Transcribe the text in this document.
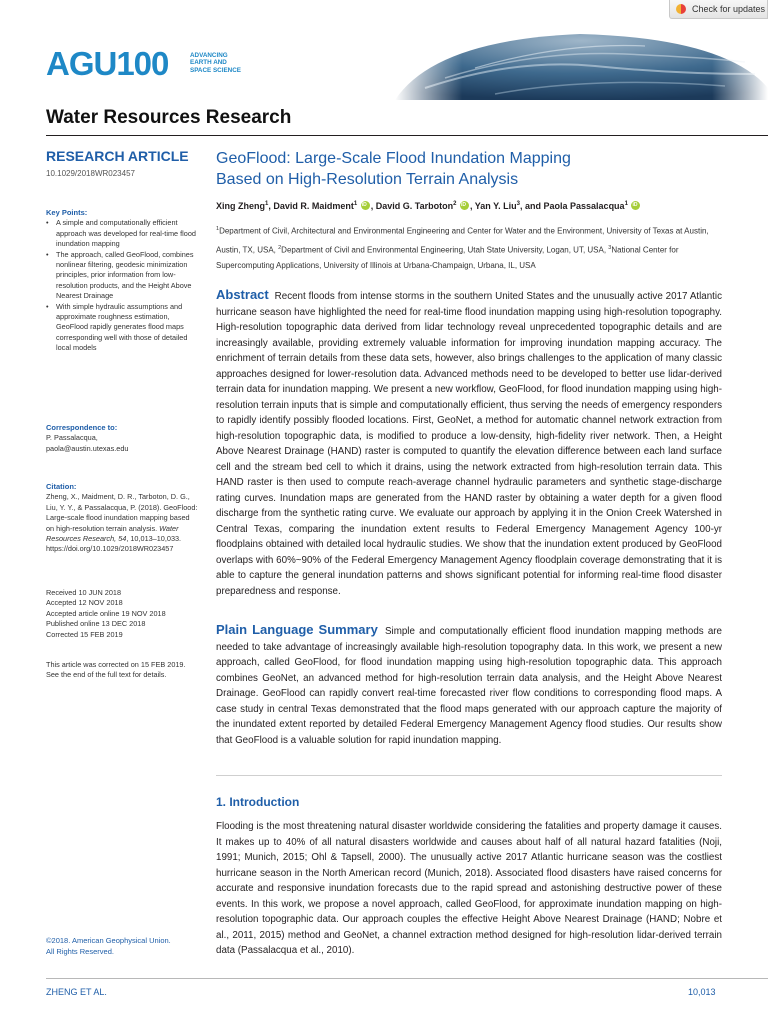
Check for updates
AGU100	ADVANCING
EARTH AND
SPACE SCIENCE
Water Resources Research
RESEARCH ARTICLE
10.1029/2018WR023457
Key Points:
• A simple and computationally efficient approach was developed for real-time flood inundation mapping
• The approach, called GeoFlood, combines nonlinear filtering, geodesic minimization principles, prior information from low-resolution products, and the Height Above Nearest Drainage
• With simple hydraulic assumptions and approximate roughness estimation, GeoFlood rapidly generates flood maps corresponding well with those of detailed local models
Correspondence to:
P. Passalacqua,
paola@austin.utexas.edu
Citation:

Zheng, X., Maidment, D. R., Tarboton, D. G., Liu, Y. Y., & Passalacqua, P. (2018). GeoFlood: Large-scale flood inundation mapping based on high-resolution terrain analysis. Water Resources Research, 54, 10,013–10,033. https://doi.org/10.1029/2018WR023457

Received 10 JUN 2018
Accepted 12 NOV 2018
Accepted article online 19 NOV 2018
Published online 13 DEC 2018
Corrected 15 FEB 2019
This article was corrected on 15 FEB 2019. See the end of the full text for details.
©2018. American Geophysical Union.
All Rights Reserved.
GeoFlood: Large-Scale Flood Inundation Mapping
Based on High-Resolution Terrain Analysis
Xing Zheng$^1$, David R. Maidment$^1$ iD , David G. Tarboton$^2$ iD , Yan Y. Liu$^3$, and Paola Passalacqua$^1$ iD
$^1$Department of Civil, Architectural and Environmental Engineering and Center for Water and the Environment, University of Texas at Austin, Austin, TX, USA, $^2$Department of Civil and Environmental Engineering, Utah State University, Logan, UT, USA, $^3$National Center for Supercomputing Applications, University of Illinois at Urbana-Champaign, Urbana, IL, USA
Abstract Recent floods from intense storms in the southern United States and the unusually active 2017 Atlantic hurricane season have highlighted the need for real-time flood inundation mapping using high-resolution topography. High-resolution topographic data derived from lidar technology reveal unprecedented topographic details and are increasingly available, providing extremely valuable information for improving inundation mapping accuracy. The enrichment of terrain details from these data sets, however, also brings challenges to the application of many classic approaches designed for lower-resolution data. Advanced methods need to be developed to better use lidar-derived terrain data for inundation mapping. We present a new workflow, GeoFlood, for flood inundation mapping using high-resolution terrain inputs that is simple and computationally efficient, thus serving the needs of emergency responders to rapidly identify possibly flooded locations. First, GeoNet, a method for automatic channel network extraction from high-resolution topographic data, is modified to produce a low-density, high-fidelity river network. Then, a Height Above Nearest Drainage (HAND) raster is computed to quantify the elevation difference between each land surface cell and the stream bed cell to which it drains, using the network extracted from high-resolution terrain data. This HAND raster is then used to compute reach-average channel hydraulic parameters and synthetic stage-discharge rating curves. Inundation maps are generated from the HAND raster by obtaining a water depth for a given flood discharge from the synthetic rating curve. We evaluate our approach by applying it in the Onion Creek Watershed in Central Texas, comparing the inundation extent results to Federal Emergency Management Agency 100-yr floodplains obtained with detailed local hydraulic studies. We show that the inundation extent produced by GeoFlood overlaps with 60%~90% of the Federal Emergency Management Agency floodplain coverage demonstrating that it is able to capture the general inundation patterns and shows significant potential for informing real-time flood disaster preparedness and response.
Plain Language Summary Simple and computationally efficient flood inundation mapping methods are needed to take advantage of increasingly available high-resolution topography data. In this work, we present a new approach, called GeoFlood, for flood inundation mapping using high-resolution topographic data. This approach combines GeoNet, an advanced method for high-resolution terrain data analysis, and the Height Above Nearest Drainage. GeoFlood can rapidly convert real-time forecasted river flow conditions to corresponding flood maps. A case study in central Texas demonstrated that the flood maps generated with our approach capture the majority of the inundated extent reported by detailed Federal Emergency Management Agency flood studies. Our results show that GeoFlood is a valuable solution for rapid inundation mapping.
1. Introduction
Flooding is the most threatening natural disaster worldwide considering the fatalities and property damage it causes. It makes up to 40% of all natural disasters worldwide and causes about half of all natural hazard fatalities (Noji, 1991; Munich, 2015; Ohl & Tapsell, 2000). The unusually active 2017 Atlantic hurricane season was the costliest hurricane season in the North American record (Munich, 2018). Associated flood disasters have raised concerns for accurate and responsive inundation forecasts due to the rapid spread and astonishing destructive power of these events. In this work, we propose a novel approach, called GeoFlood, for approximate inundation mapping on high-resolution topographic data. Our approach couples the effective Height Above Nearest Drainage (HAND; Nobre et al., 2011, 2015) method and GeoNet, a channel extraction method designed for high-resolution lidar-derived terrain data (Passalacqua et al., 2010).
ZHENG ET AL.	10,013
